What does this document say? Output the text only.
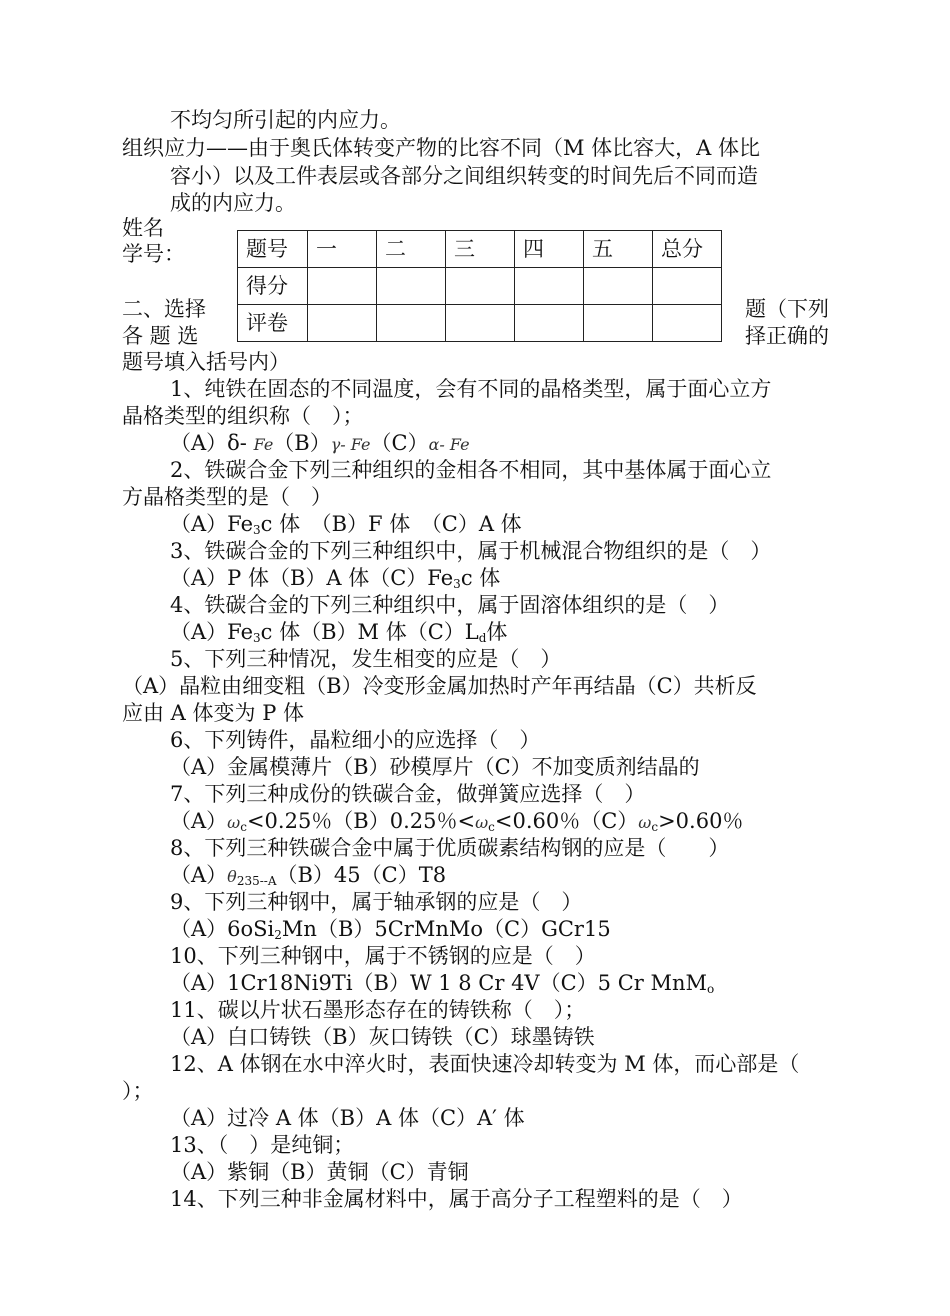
不均匀所引起的内应力。
组织应力——由于奥氏体转变产物的比容不同（M 体比容大，A 体比
容小）以及工件表层或各部分之间组织转变的时间先后不同而造
成的内应力。
姓名
学号：
二、选择
各 题 选
题（下列
择正确的
题号填入括号内）
题号	一	二	三	四	五	总分
得分						
评卷						
1、纯铁在固态的不同温度，会有不同的晶格类型，属于面心立方
晶格类型的组织称（　）；
（A）δ- Fe（B）γ- Fe（C）α- Fe
2、铁碳合金下列三种组织的金相各不相同，其中基体属于面心立
方晶格类型的是（　）
$(A)Fe_3c$ 体　（B）F 体　（C）A 体
3、铁碳合金的下列三种组织中，属于机械混合物组织的是（　）
（A）P 体（B）A 体$(C)Fe_3c$ 体
4、铁碳合金的下列三种组织中，属于固溶体组织的是（　）
$(A)Fe_3c$ 体（B）M 体$(C)L_d$体
5、下列三种情况，发生相变的应是（　）
（A）晶粒由细变粗（B）冷变形金属加热时产年再结晶（C）共析反
应由 A 体变为 P 体
6、下列铸件，晶粒细小的应选择（　）
（A）金属模薄片（B）砂模厚片（C）不加变质剂结晶的
7、下列三种成份的铁碳合金，做弹簧应选择（　）
$(A)\omega_c<0.25$％（B）0.25％$<\omega_c<0.60$％$(C)\omega_c>0.60$％
8、下列三种铁碳合金中属于优质碳素结构钢的应是（　　）
$(A)\theta_{235--A}(B)45(C)T8$
9、下列三种钢中，属于轴承钢的应是（　）
（A）6oSi$_2$Mn（B）5CrMnMo（C）GCr15
10、下列三种钢中，属于不锈钢的应是（　）
（A）1Cr18Ni9Ti（B）W 1 8 Cr 4V（C）5 Cr MnM$_o$
11、碳以片状石墨形态存在的铸铁称（　）；
（A）白口铸铁（B）灰口铸铁（C）球墨铸铁
12、A 体钢在水中淬火时，表面快速冷却转变为 M 体，而心部是（
）；
（A）过冷 A 体（B）A 体（C）A′ 体
13、（　）是纯铜；
（A）紫铜（B）黄铜（C）青铜
14、下列三种非金属材料中，属于高分子工程塑料的是（　）
